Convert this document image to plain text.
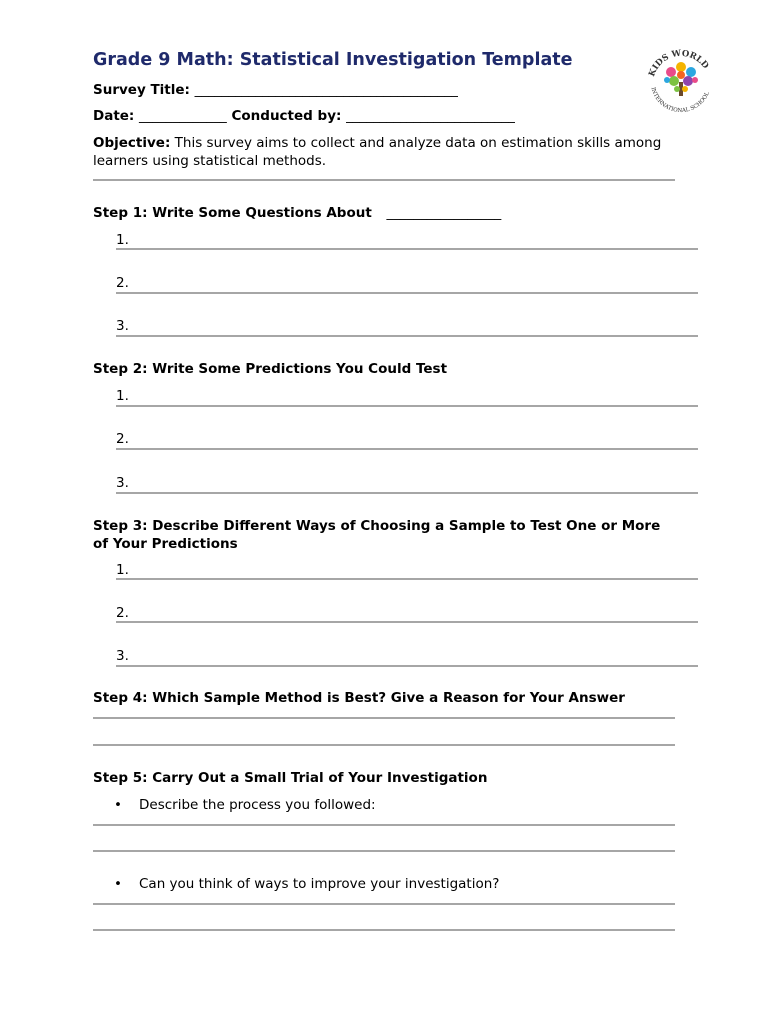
Grade 9 Math: Statistical Investigation Template
KIDS WORLD
INTERNATIONAL SCHOOL
Survey Title: _______________________________________
Date: _____________ Conducted by: _________________________
Objective: This survey aims to collect and analyze data on estimation skills among learners using statistical methods.
Step 1: Write Some Questions About _________________
1.
2.
3.
Step 2: Write Some Predictions You Could Test
1.
2.
3.
Step 3: Describe Different Ways of Choosing a Sample to Test One or More of Your Predictions
1.
2.
3.
Step 4: Which Sample Method is Best? Give a Reason for Your Answer
Step 5: Carry Out a Small Trial of Your Investigation
• Describe the process you followed:
• Can you think of ways to improve your investigation?
